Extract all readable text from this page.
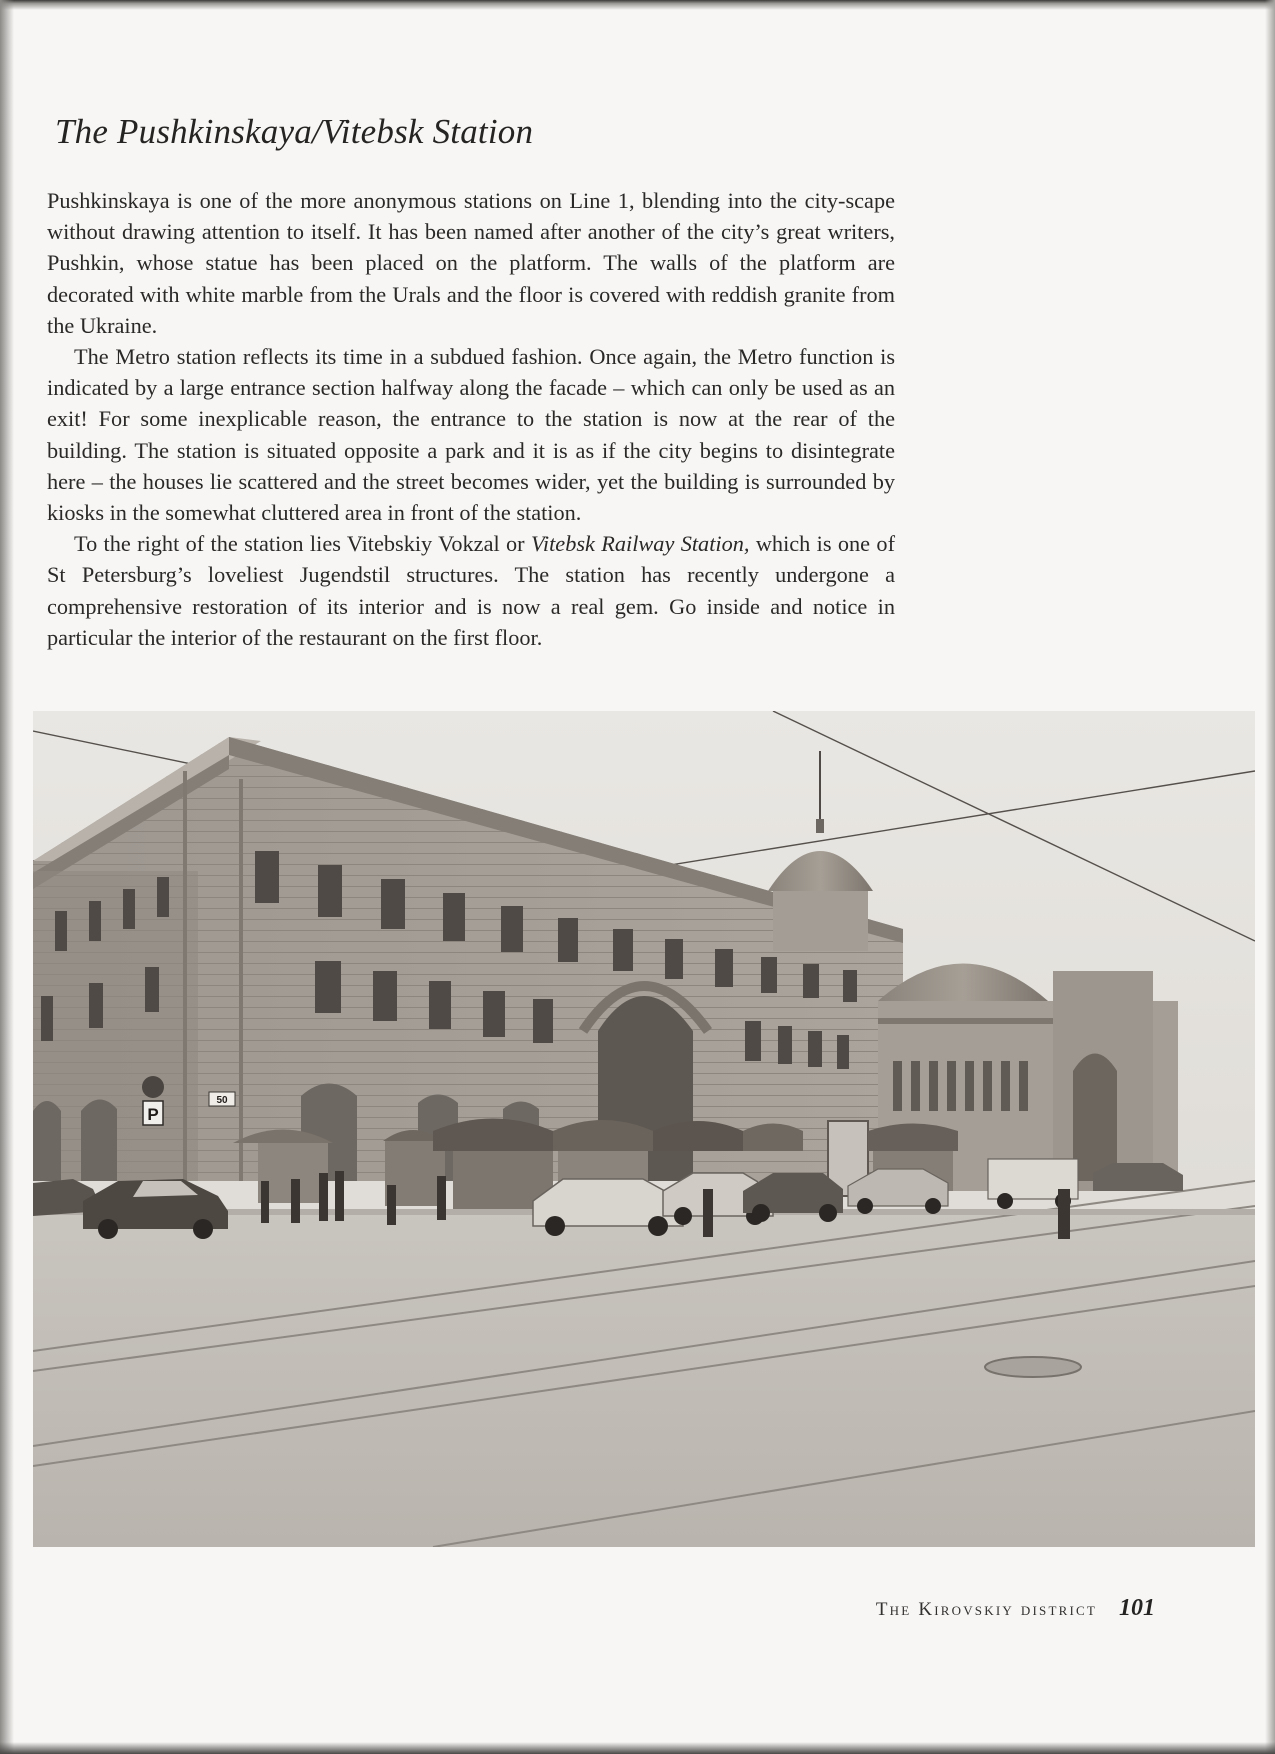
The Pushkinskaya/Vitebsk Station

Pushkinskaya is one of the more anonymous stations on Line 1, blending into the city-scape without drawing attention to itself. It has been named after another of the city’s great writers, Pushkin, whose statue has been placed on the platform. The walls of the platform are decorated with white marble from the Urals and the floor is covered with reddish granite from the Ukraine.

The Metro station reflects its time in a subdued fashion. Once again, the Metro function is indicated by a large entrance section halfway along the facade – which can only be used as an exit! For some inexplicable reason, the entrance to the station is now at the rear of the building. The station is situated opposite a park and it is as if the city begins to disintegrate here – the houses lie scattered and the street becomes wider, yet the building is surrounded by kiosks in the somewhat cluttered area in front of the station.

To the right of the station lies Vitebskiy Vokzal or Vitebsk Railway Station, which is one of St Petersburg’s loveliest Jugendstil structures. The station has recently undergone a comprehensive restoration of its interior and is now a real gem. Go inside and notice in particular the interior of the restaurant on the first floor.

P
50
The Kirovskiy district 101
